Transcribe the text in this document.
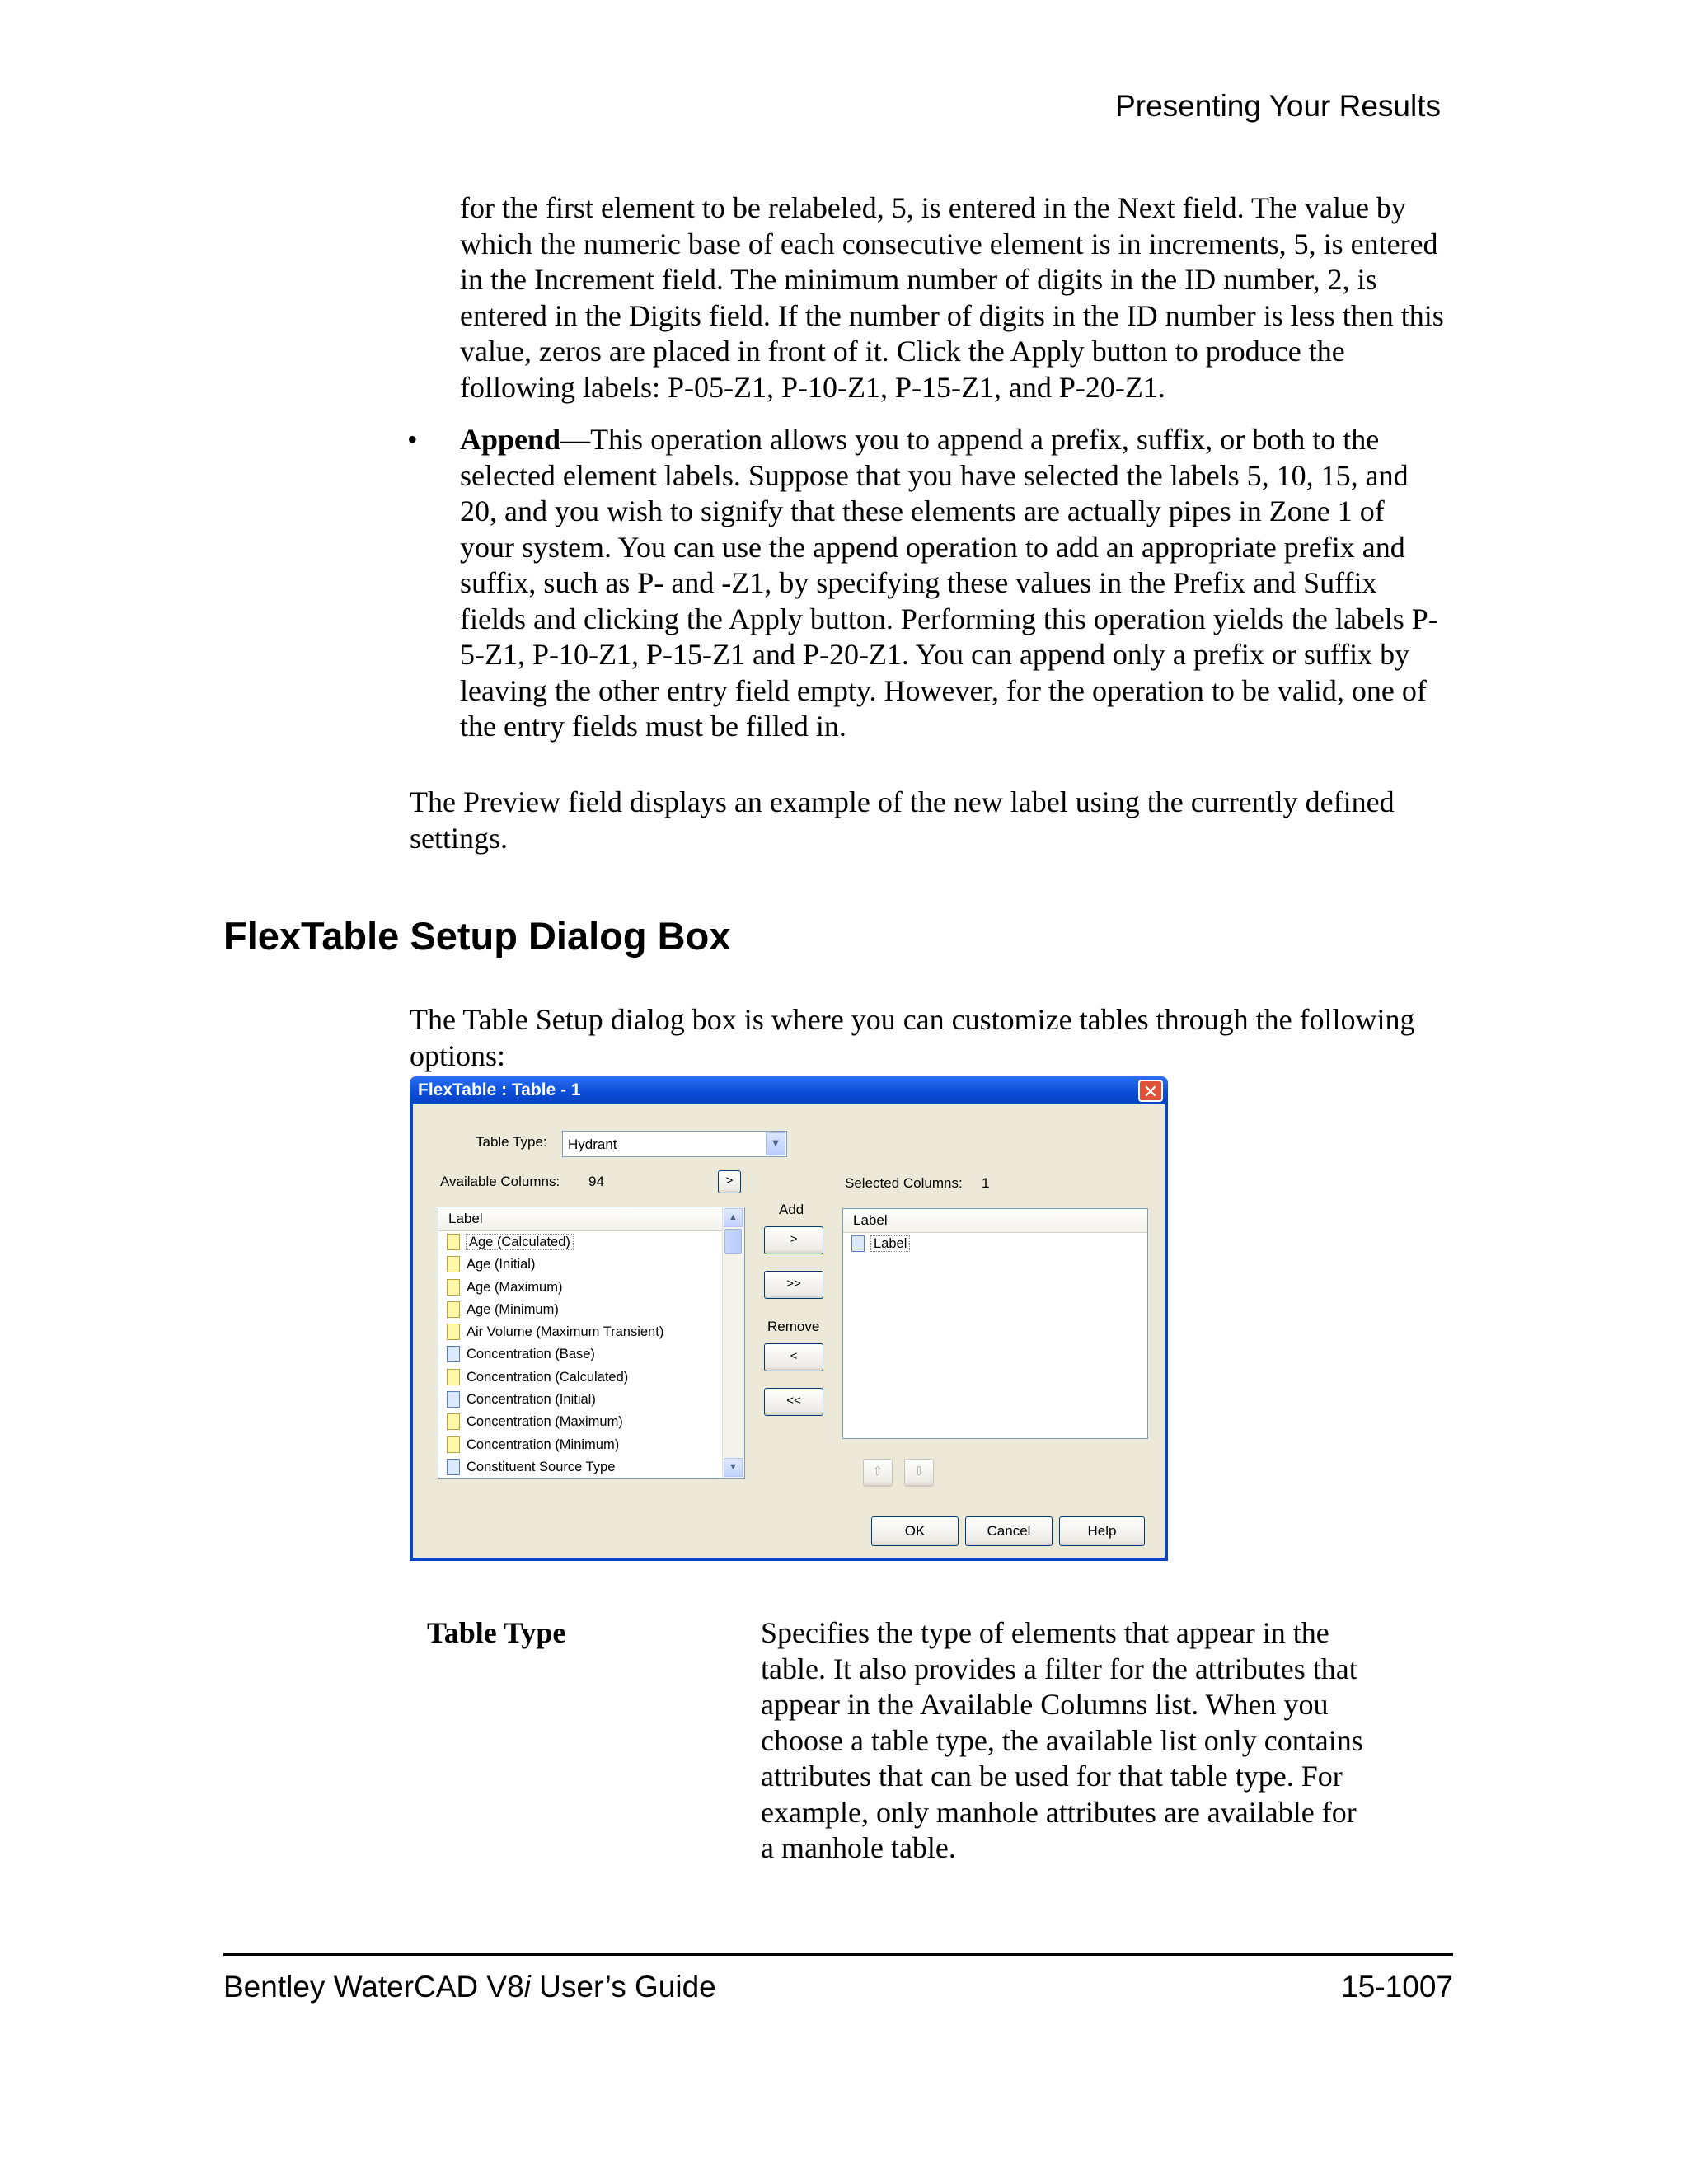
Presenting Your Results

for the first element to be relabeled, 5, is entered in the Next field. The value by

which the numeric base of each consecutive element is in increments, 5, is entered

in the Increment field. The minimum number of digits in the ID number, 2, is

entered in the Digits field. If the number of digits in the ID number is less then this

value, zeros are placed in front of it. Click the Apply button to produce the

following labels: P-05-Z1, P-10-Z1, P-15-Z1, and P-20-Z1.

• Append—This operation allows you to append a prefix, suffix, or both to the

selected element labels. Suppose that you have selected the labels 5, 10, 15, and

20, and you wish to signify that these elements are actually pipes in Zone 1 of

your system. You can use the append operation to add an appropriate prefix and

suffix, such as P- and -Z1, by specifying these values in the Prefix and Suffix

fields and clicking the Apply button. Performing this operation yields the labels P-

5-Z1, P-10-Z1, P-15-Z1 and P-20-Z1. You can append only a prefix or suffix by

leaving the other entry field empty. However, for the operation to be valid, one of

the entry fields must be filled in.

The Preview field displays an example of the new label using the currently defined

settings.

FlexTable Setup Dialog Box

The Table Setup dialog box is where you can customize tables through the following

options:

FlexTable : Table - 1	✕
Table Type: Hydrant	▼
Available Columns: 94	>	Selected Columns: 1
Label
Age (Calculated)
Age (Initial)
Age (Maximum)
Age (Minimum)
Air Volume (Maximum Transient)
Concentration (Base)
Concentration (Calculated)
Concentration (Initial)
Concentration (Maximum)
Concentration (Minimum)
Constituent Source Type
▲
▼
Add
>
>>
Remove
<
<<
Label
Label
⇧	⇩
OK	Cancel	Help
Table Type	Specifies the type of elements that appear in the

table. It also provides a filter for the attributes that

appear in the Available Columns list. When you

choose a table type, the available list only contains

attributes that can be used for that table type. For

example, only manhole attributes are available for

a manhole table.

Bentley WaterCAD V8i User’s Guide	15-1007
